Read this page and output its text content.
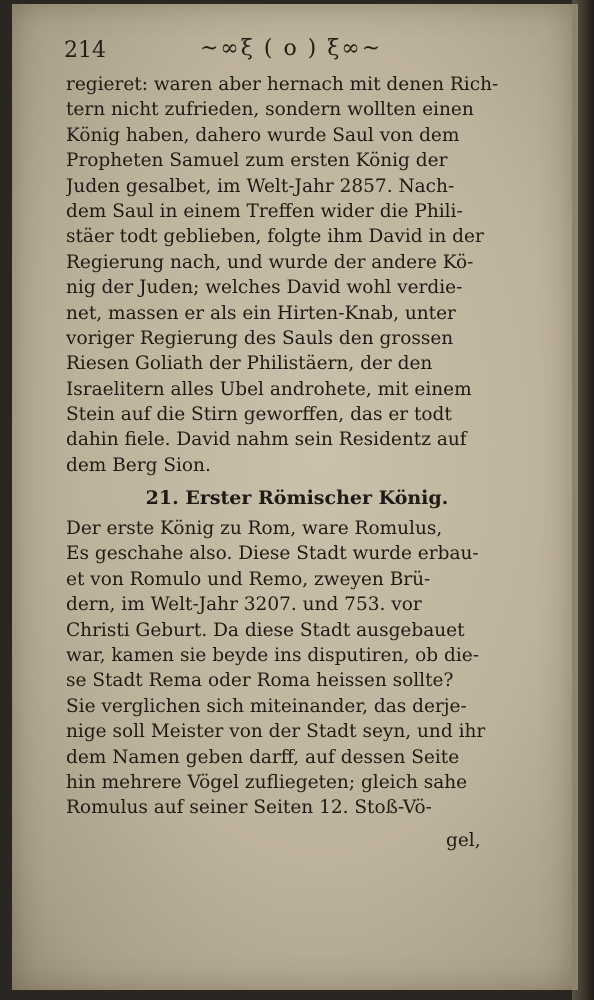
214	~∞ξ ( o ) ξ∞~
regieret: waren aber hernach mit denen Rich-
tern nicht zufrieden, sondern wollten einen
König haben, dahero wurde Saul von dem
Propheten Samuel zum ersten König der
Juden gesalbet, im Welt-Jahr 2857. Nach-
dem Saul in einem Treffen wider die Phili-
stäer todt geblieben, folgte ihm David in der
Regierung nach, und wurde der andere Kö-
nig der Juden; welches David wohl verdie-
net, massen er als ein Hirten-Knab, unter
voriger Regierung des Sauls den grossen
Riesen Goliath der Philistäern, der den
Israelitern alles Ubel androhete, mit einem
Stein auf die Stirn geworffen, das er todt
dahin fiele. David nahm sein Residentz auf
dem Berg Sion.
21. Erster Römischer König.
Der erste König zu Rom, ware Romulus,
Es geschahe also. Diese Stadt wurde erbau-
et von Romulo und Remo, zweyen Brü-
dern, im Welt-Jahr 3207. und 753. vor
Christi Geburt. Da diese Stadt ausgebauet
war, kamen sie beyde ins disputiren, ob die-
se Stadt Rema oder Roma heissen sollte?
Sie verglichen sich miteinander, das derje-
nige soll Meister von der Stadt seyn, und ihr
dem Namen geben darff, auf dessen Seite
hin mehrere Vögel zufliegeten; gleich sahe
Romulus auf seiner Seiten 12. Stoß-Vö-
gel,
